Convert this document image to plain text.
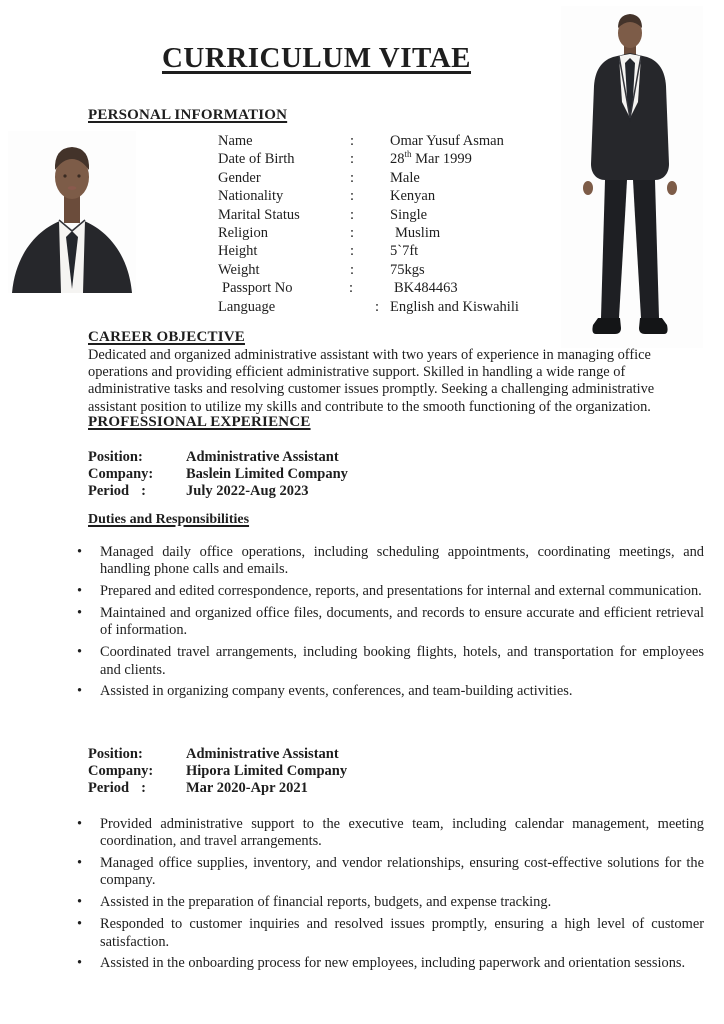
CURRICULUM VITAE
PERSONAL INFORMATION
Name	:	Omar Yusuf Asman
Date of Birth	:	28th Mar 1999
Gender	:	Male
Nationality	:	Kenyan
Marital Status	:	Single
Religion	:	Muslim
Height	:	5`7ft
Weight	:	75kgs
Passport No	:	BK484463
Language	: English and Kiswahili
CAREER OBJECTIVE

Dedicated and organized administrative assistant with two years of experience in managing office operations and providing efficient administrative support. Skilled in handling a wide range of administrative tasks and resolving customer issues promptly. Seeking a challenging administrative assistant position to utilize my skills and contribute to the smooth functioning of the organization.

PROFESSIONAL EXPERIENCE
Position:	Administrative Assistant
Company:	Baslein Limited Company
Period :	July 2022-Aug 2023
Duties and Responsibilities
• Managed daily office operations, including scheduling appointments, coordinating meetings, and handling phone calls and emails.
• Prepared and edited correspondence, reports, and presentations for internal and external communication.
• Maintained and organized office files, documents, and records to ensure accurate and efficient retrieval of information.
• Coordinated travel arrangements, including booking flights, hotels, and transportation for employees and clients.
• Assisted in organizing company events, conferences, and team-building activities.
Position:	Administrative Assistant
Company:	Hipora Limited Company
Period :	Mar 2020-Apr 2021
• Provided administrative support to the executive team, including calendar management, meeting coordination, and travel arrangements.
• Managed office supplies, inventory, and vendor relationships, ensuring cost-effective solutions for the company.
• Assisted in the preparation of financial reports, budgets, and expense tracking.
• Responded to customer inquiries and resolved issues promptly, ensuring a high level of customer satisfaction.
• Assisted in the onboarding process for new employees, including paperwork and orientation sessions.
